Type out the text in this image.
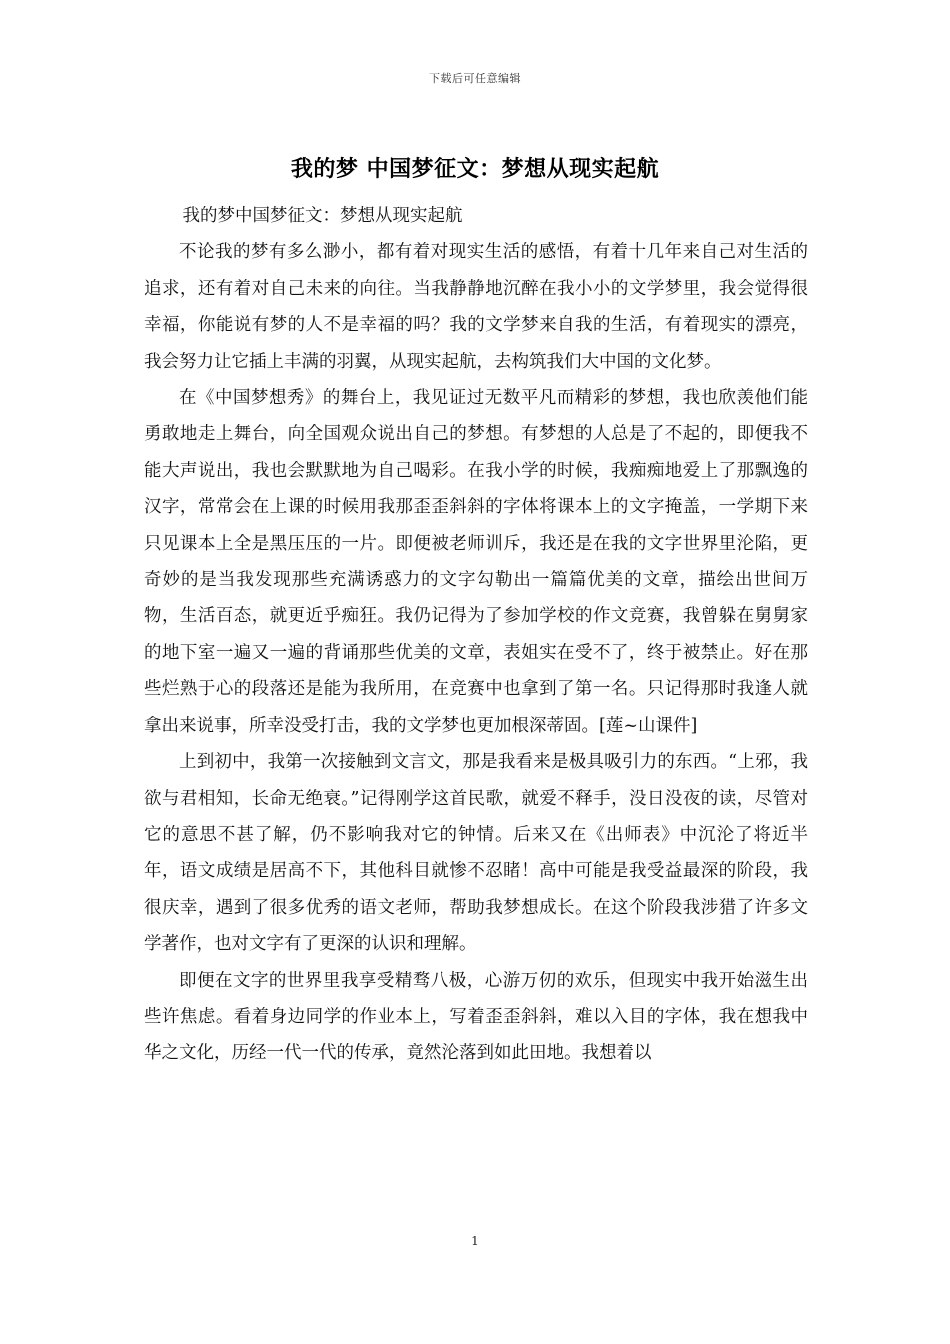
下载后可任意编辑
我的梦 中国梦征文：梦想从现实起航

我的梦中国梦征文：梦想从现实起航

不论我的梦有多么渺小，都有着对现实生活的感悟，有着十几年来自己对生活的追求，还有着对自己未来的向往。当我静静地沉醉在我小小的文学梦里，我会觉得很幸福，你能说有梦的人不是幸福的吗？我的文学梦来自我的生活，有着现实的漂亮，我会努力让它插上丰满的羽翼，从现实起航，去构筑我们大中国的文化梦。

在《中国梦想秀》的舞台上，我见证过无数平凡而精彩的梦想，我也欣羡他们能勇敢地走上舞台，向全国观众说出自己的梦想。有梦想的人总是了不起的，即便我不能大声说出，我也会默默地为自己喝彩。在我小学的时候，我痴痴地爱上了那飘逸的汉字，常常会在上课的时候用我那歪歪斜斜的字体将课本上的文字掩盖，一学期下来只见课本上全是黑压压的一片。即便被老师训斥，我还是在我的文字世界里沦陷，更奇妙的是当我发现那些充满诱惑力的文字勾勒出一篇篇优美的文章，描绘出世间万物，生活百态，就更近乎痴狂。我仍记得为了参加学校的作文竞赛，我曾躲在舅舅家的地下室一遍又一遍的背诵那些优美的文章，表姐实在受不了，终于被禁止。好在那些烂熟于心的段落还是能为我所用，在竞赛中也拿到了第一名。只记得那时我逢人就拿出来说事，所幸没受打击，我的文学梦也更加根深蒂固。[莲~山课件]

上到初中，我第一次接触到文言文，那是我看来是极具吸引力的东西。“上邪，我欲与君相知，长命无绝衰。”记得刚学这首民歌，就爱不释手，没日没夜的读，尽管对它的意思不甚了解，仍不影响我对它的钟情。后来又在《出师表》中沉沦了将近半年，语文成绩是居高不下，其他科目就惨不忍睹！高中可能是我受益最深的阶段，我很庆幸，遇到了很多优秀的语文老师，帮助我梦想成长。在这个阶段我涉猎了许多文学著作，也对文字有了更深的认识和理解。

即便在文字的世界里我享受精骛八极，心游万仞的欢乐，但现实中我开始滋生出些许焦虑。看着身边同学的作业本上，写着歪歪斜斜，难以入目的字体，我在想我中华之文化，历经一代一代的传承，竟然沦落到如此田地。我想着以

1
